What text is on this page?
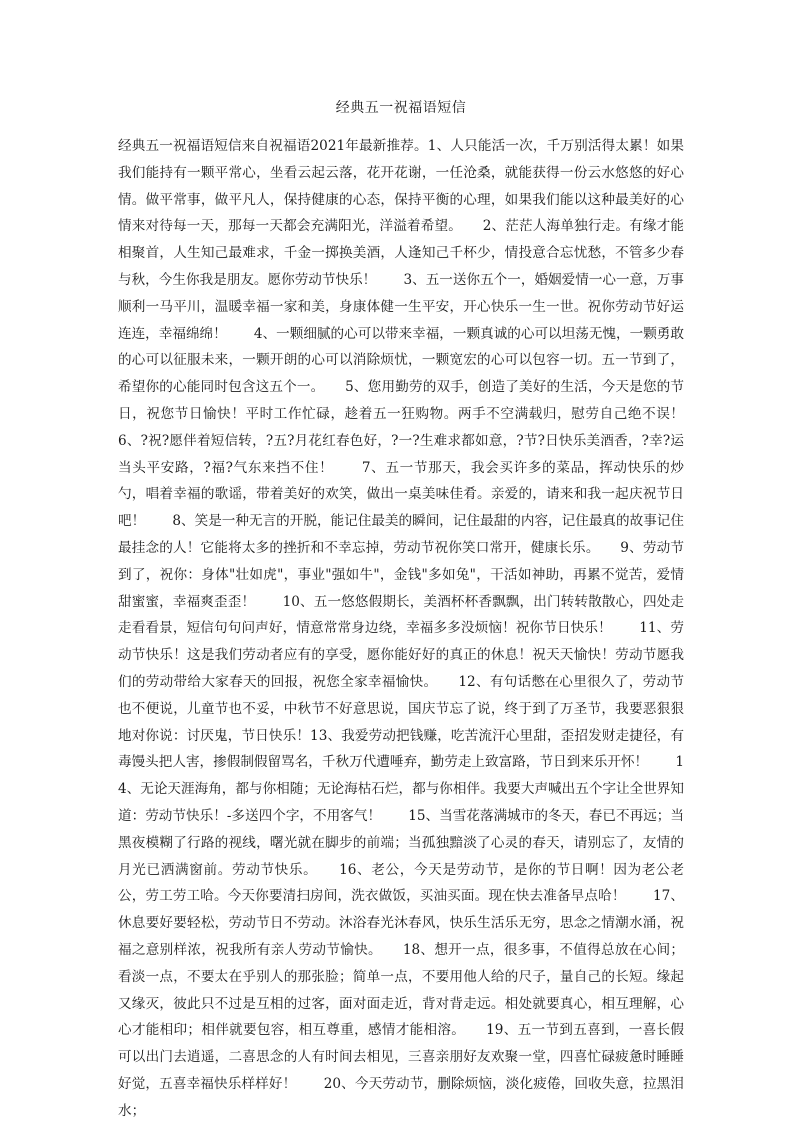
经典五一祝福语短信
经典五一祝福语短信来自祝福语2021年最新推荐。1、人只能活一次，千万别活得太累！如果我们能持有一颗平常心，坐看云起云落，花开花谢，一任沧桑，就能获得一份云水悠悠的好心情。做平常事，做平凡人，保持健康的心态，保持平衡的心理，如果我们能以这种最美好的心情来对待每一天，那每一天都会充满阳光，洋溢着希望。　　2、茫茫人海单独行走。有缘才能相聚首，人生知己最难求，千金一掷换美酒，人逢知己千杯少，情投意合忘忧愁，不管多少春与秋，今生你我是朋友。愿你劳动节快乐！　　3、五一送你五个一，婚姻爱情一心一意，万事顺利一马平川，温暖幸福一家和美，身康体健一生平安，开心快乐一生一世。祝你劳动节好运连连，幸福绵绵！　　4、一颗细腻的心可以带来幸福，一颗真诚的心可以坦荡无愧，一颗勇敢的心可以征服未来，一颗开朗的心可以消除烦忧，一颗宽宏的心可以包容一切。五一节到了，希望你的心能同时包含这五个一。　　5、您用勤劳的双手，创造了美好的生活，今天是您的节日，祝您节日愉快！平时工作忙碌，趁着五一狂购物。两手不空满载归，慰劳自己绝不误！　　6、?祝?愿伴着短信转，?五?月花红春色好，?一?生难求都如意，?节?日快乐美酒香，?幸?运当头平安路，?福?气东来挡不住！　　7、五一节那天，我会买许多的菜品，挥动快乐的炒勺，唱着幸福的歌谣，带着美好的欢笑，做出一桌美味佳肴。亲爱的，请来和我一起庆祝节日吧！　　8、笑是一种无言的开脱，能记住最美的瞬间，记住最甜的内容，记住最真的故事记住最挂念的人！它能将太多的挫折和不幸忘掉，劳动节祝你笑口常开，健康长乐。　　9、劳动节到了，祝你：身体"壮如虎"，事业"强如牛"，金钱"多如兔"，干活如神助，再累不觉苦，爱情甜蜜蜜，幸福爽歪歪！　　10、五一悠悠假期长，美酒杯杯香飘飘，出门转转散散心，四处走走看看景，短信句句问声好，情意常常身边绕，幸福多多没烦恼！祝你节日快乐！　　11、劳动节快乐！这是我们劳动者应有的享受，愿你能好好的真正的休息！祝天天愉快！劳动节愿我们的劳动带给大家春天的回报，祝您全家幸福愉快。　　12、有句话憋在心里很久了，劳动节也不便说，儿童节也不妥，中秋节不好意思说，国庆节忘了说，终于到了万圣节，我要恶狠狠地对你说：讨厌鬼，节日快乐！13、我爱劳动把钱赚，吃苦流汗心里甜，歪招发财走捷径，有毒馒头把人害，掺假制假留骂名，千秋万代遭唾弃，勤劳走上致富路，节日到来乐开怀！　　14、无论天涯海角，都与你相随；无论海枯石烂，都与你相伴。我要大声喊出五个字让全世界知道：劳动节快乐！-多送四个字，不用客气！　　15、当雪花落满城市的冬天，春已不再远；当黑夜模糊了行路的视线，曙光就在脚步的前端；当孤独黯淡了心灵的春天，请别忘了，友情的月光已洒满窗前。劳动节快乐。　　16、老公，今天是劳动节，是你的节日啊！因为老公老公，劳工劳工哈。今天你要清扫房间，洗衣做饭，买油买面。现在快去准备早点哈！　　17、休息要好要轻松，劳动节日不劳动。沐浴春光沐春风，快乐生活乐无穷，思念之情潮水涌，祝福之意别样浓，祝我所有亲人劳动节愉快。　　18、想开一点，很多事，不值得总放在心间；看淡一点，不要太在乎别人的那张脸；简单一点，不要用他人给的尺子，量自己的长短。缘起又缘灭，彼此只不过是互相的过客，面对面走近，背对背走远。相处就要真心，相互理解，心心才能相印；相伴就要包容，相互尊重，感情才能相溶。　　19、五一节到五喜到，一喜长假可以出门去逍遥，二喜思念的人有时间去相见，三喜亲朋好友欢聚一堂，四喜忙碌疲惫时睡睡好觉，五喜幸福快乐样样好！　　20、今天劳动节，删除烦恼，淡化疲倦，回收失意，拉黑泪水；
